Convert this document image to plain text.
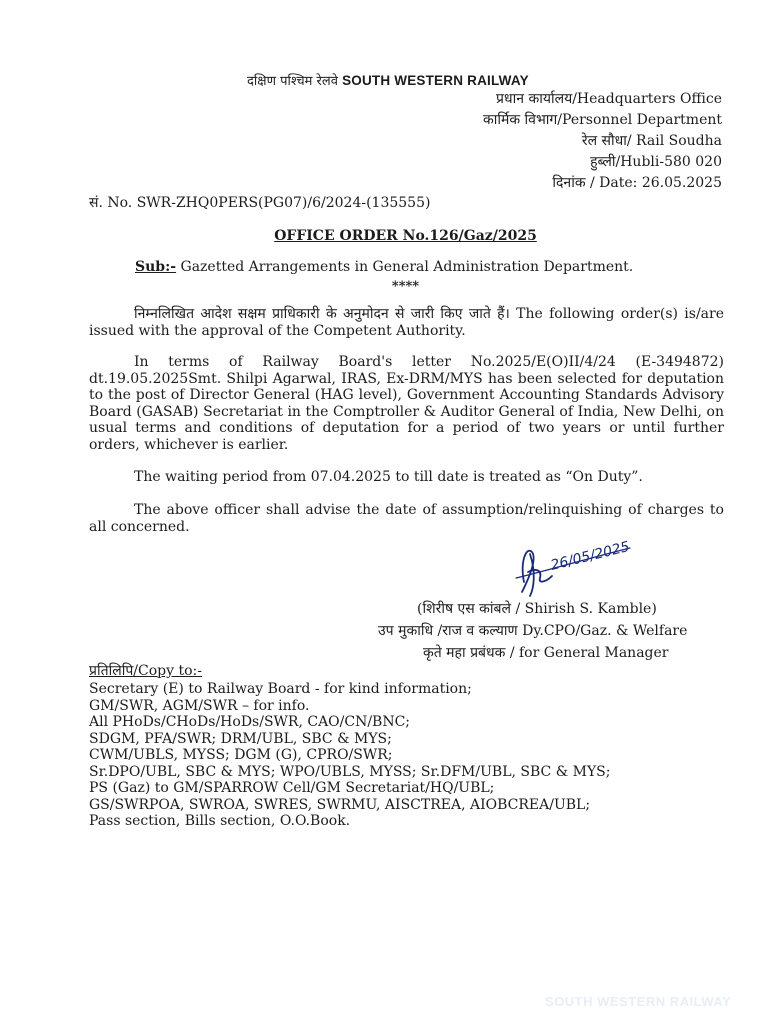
दक्षिण पश्चिम रेलवे SOUTH WESTERN RAILWAY
प्रधान कार्यालय/Headquarters Office
कार्मिक विभाग/Personnel Department
रेल सौधा/ Rail Soudha
हुब्ली/Hubli-580 020
दिनांक / Date: 26.05.2025
सं. No. SWR-ZHQ0PERS(PG07)/6/2024-(135555)
OFFICE ORDER No.126/Gaz/2025
Sub:- Gazetted Arrangements in General Administration Department.
****

निम्नलिखित आदेश सक्षम प्राधिकारी के अनुमोदन से जारी किए जाते हैं। The following order(s) is/are issued with the approval of the Competent Authority.

In terms of Railway Board's letter No.2025/E(O)II/4/24 (E-3494872) dt.19.05.2025Smt. Shilpi Agarwal, IRAS, Ex-DRM/MYS has been selected for deputation to the post of Director General (HAG level), Government Accounting Standards Advisory Board (GASAB) Secretariat in the Comptroller & Auditor General of India, New Delhi, on usual terms and conditions of deputation for a period of two years or until further orders, whichever is earlier.

The waiting period from 07.04.2025 to till date is treated as “On Duty”.

The above officer shall advise the date of assumption/relinquishing of charges to all concerned.

26/05/2025
(शिरीष एस कांबले / Shirish S. Kamble)
उप मुकाधि /राज व कल्याण Dy.CPO/Gaz. & Welfare
कृते महा प्रबंधक / for General Manager
प्रतिलिपि/Copy to:-
Secretary (E) to Railway Board - for kind information;
GM/SWR, AGM/SWR – for info.
All PHoDs/CHoDs/HoDs/SWR, CAO/CN/BNC;
SDGM, PFA/SWR; DRM/UBL, SBC & MYS;
CWM/UBLS, MYSS; DGM (G), CPRO/SWR;
Sr.DPO/UBL, SBC & MYS; WPO/UBLS, MYSS; Sr.DFM/UBL, SBC & MYS;
PS (Gaz) to GM/SPARROW Cell/GM Secretariat/HQ/UBL;
GS/SWRPOA, SWROA, SWRES, SWRMU, AISCTREA, AIOBCREA/UBL;
Pass section, Bills section, O.O.Book.
SOUTH WESTERN RAILWAY
